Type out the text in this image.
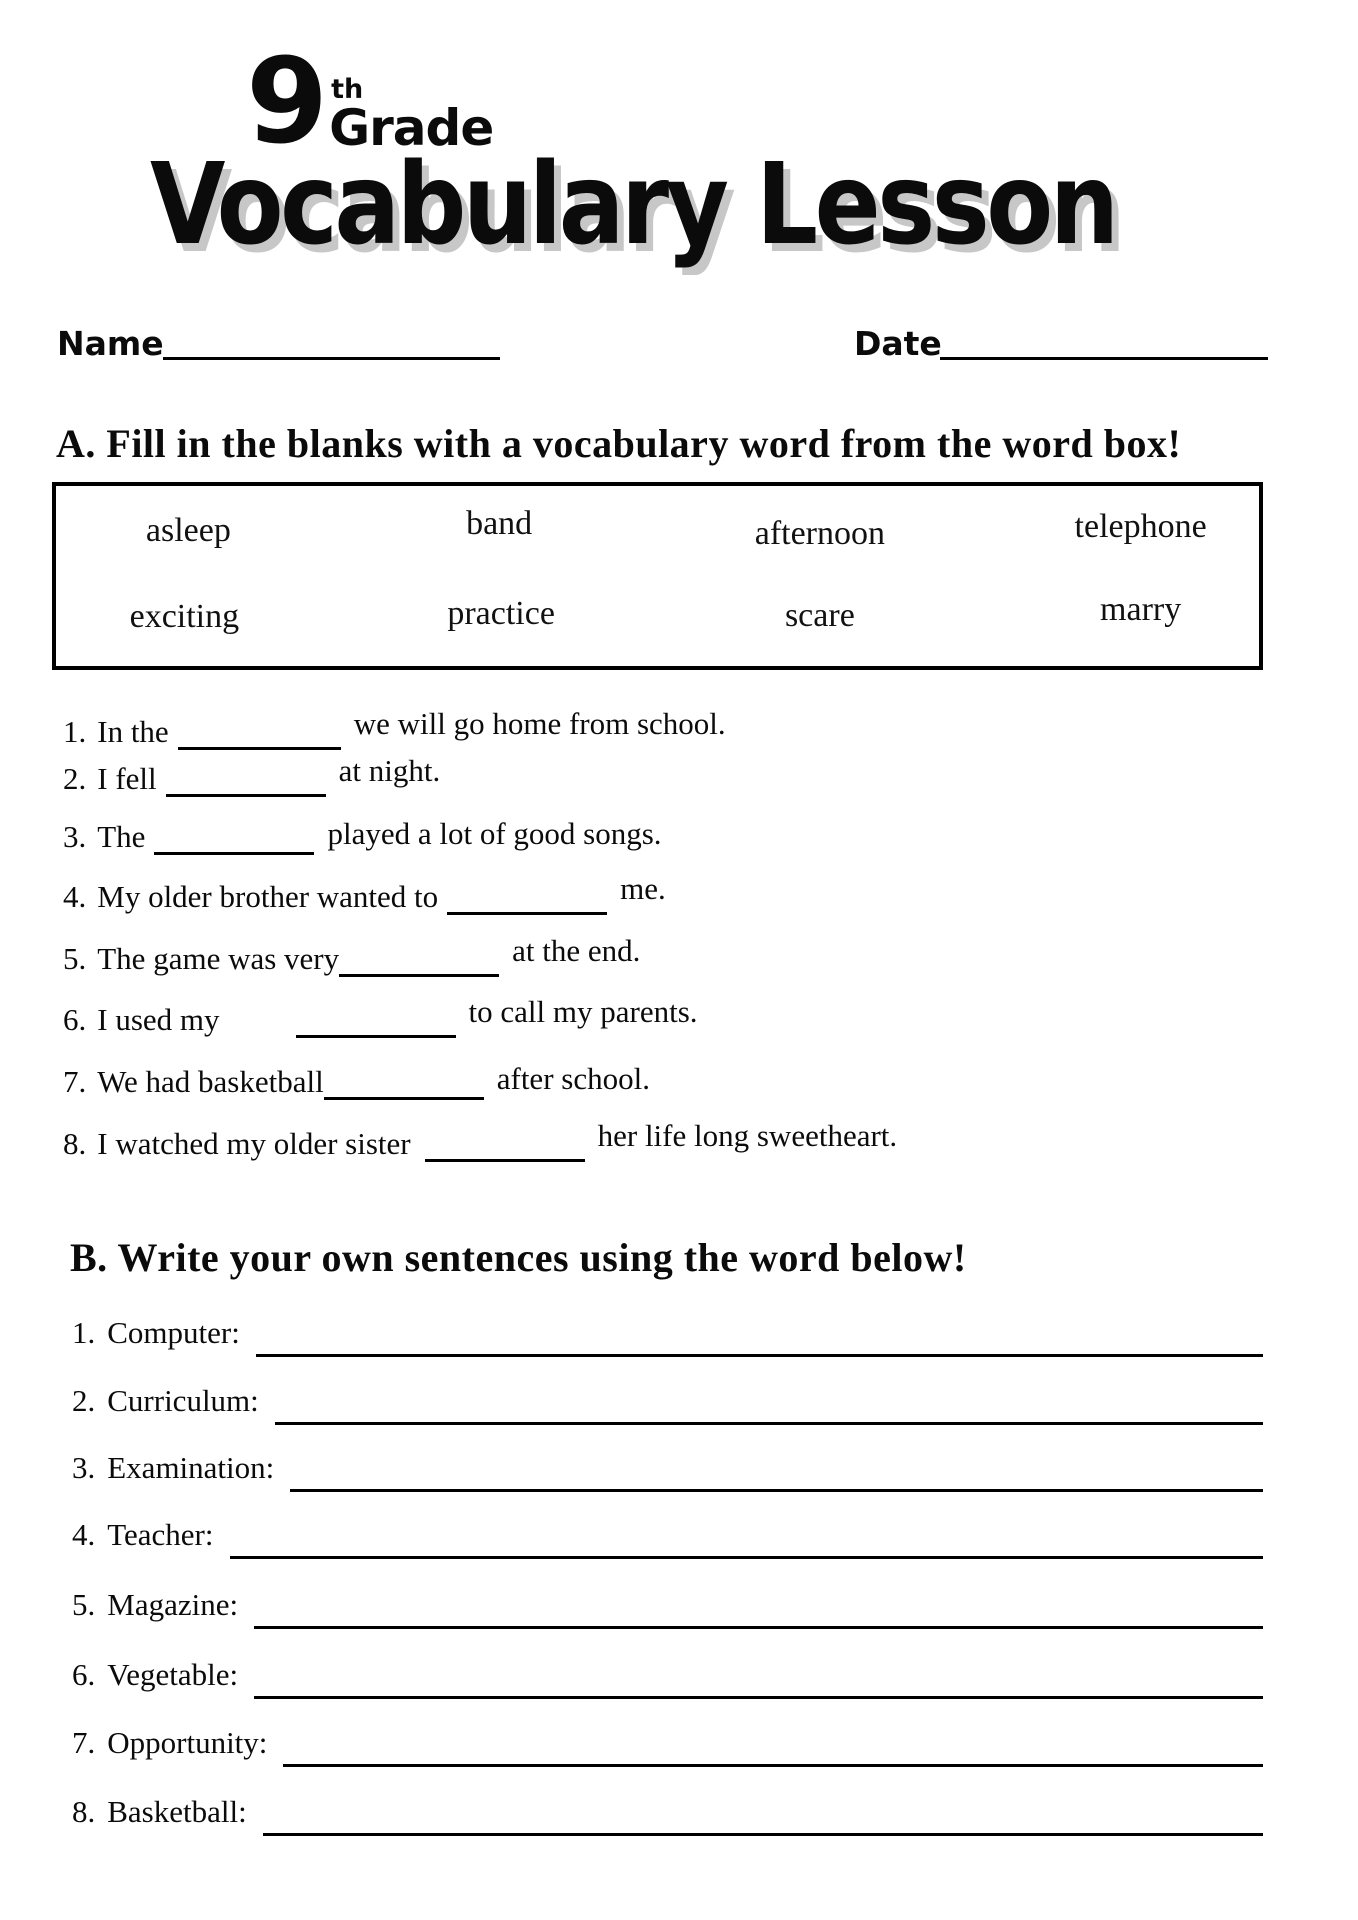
9 th
Grade
Vocabulary Lesson
Name	Date
A. Fill in the blanks with a vocabulary word from the word box!
asleep	band	afternoon	telephone
exciting	practice	scare	marry
1. In the	we will go home from school.
2. I fell	at night.
3. The	played a lot of good songs.
4. My older brother wanted to	me.
5. The game was very	at the end.
6. I used my	to call my parents.
7. We had basketball	after school.
8. I watched my older sister	her life long sweetheart.
B. Write your own sentences using the word below!
1. Computer:
2. Curriculum:
3. Examination:
4. Teacher:
5. Magazine:
6. Vegetable:
7. Opportunity:
8. Basketball:
